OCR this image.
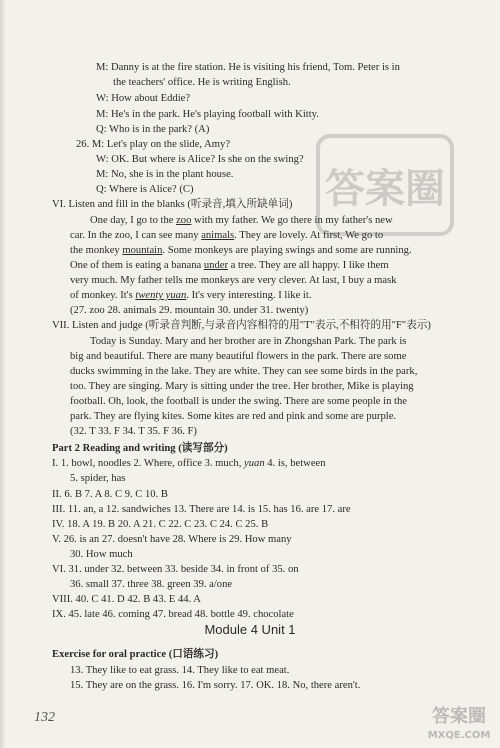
M: Danny is at the fire station. He is visiting his friend, Tom. Peter is in
the teachers' office. He is writing English.
W: How about Eddie?
M: He's in the park. He's playing football with Kitty.
Q: Who is in the park? (A)
26. M: Let's play on the slide, Amy?
W: OK. But where is Alice? Is she on the swing?
M: No, she is in the plant house.
Q: Where is Alice? (C)
VI. Listen and fill in the blanks (听录音,填入所缺单词)
One day, I go to the zoo with my father. We go there in my father's new
car. In the zoo, I can see many animals. They are lovely. At first, We go to
the monkey mountain. Some monkeys are playing swings and some are running.
One of them is eating a banana under a tree. They are all happy. I like them
very much. My father tells me monkeys are very clever. At last, I buy a mask
of monkey. It's twenty yuan. It's very interesting. I like it.
(27. zoo 28. animals 29. mountain 30. under 31. twenty)
VII. Listen and judge (听录音判断,与录音内容相符的用"T"表示,不相符的用"F"表示)
Today is Sunday. Mary and her brother are in Zhongshan Park. The park is
big and beautiful. There are many beautiful flowers in the park. There are some
ducks swimming in the lake. They are white. They can see some birds in the park,
too. They are singing. Mary is sitting under the tree. Her brother, Mike is playing
football. Oh, look, the football is under the swing. There are some people in the
park. They are flying kites. Some kites are red and pink and some are purple.
(32. T 33. F 34. T 35. F 36. F)
Part 2 Reading and writing (读写部分)
I. 1. bowl, noodles 2. Where, office 3. much, yuan 4. is, between
5. spider, has
II. 6. B 7. A 8. C 9. C 10. B
III. 11. an, a 12. sandwiches 13. There are 14. is 15. has 16. are 17. are
IV. 18. A 19. B 20. A 21. C 22. C 23. C 24. C 25. B
V. 26. is an 27. doesn't have 28. Where is 29. How many
30. How much
VI. 31. under 32. between 33. beside 34. in front of 35. on
36. small 37. three 38. green 39. a/one
VIII. 40. C 41. D 42. B 43. E 44. A
IX. 45. late 46. coming 47. bread 48. bottle 49. chocolate
Module 4 Unit 1
Exercise for oral practice (口语练习)
13. They like to eat grass. 14. They like to eat meat.
15. They are on the grass. 16. I'm sorry. 17. OK. 18. No, there aren't.
132
答案圈
答案圈
MXQE.COM
